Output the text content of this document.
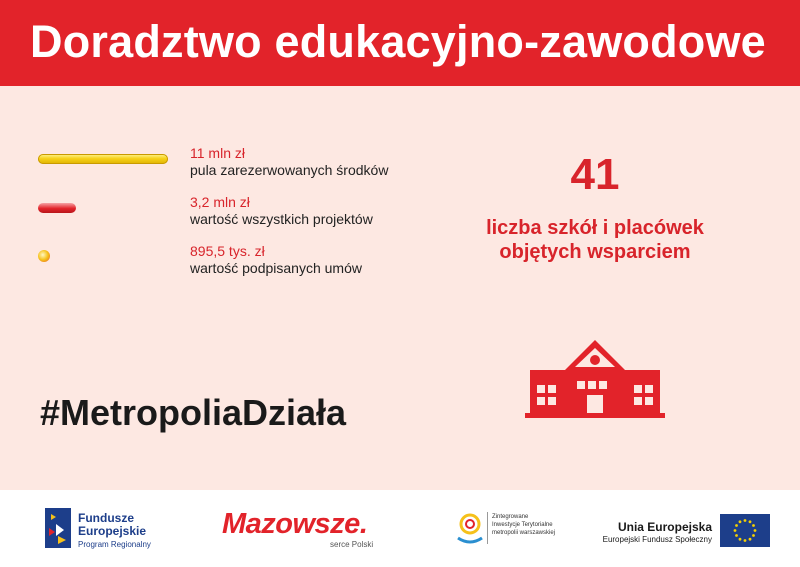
Doradztwo edukacyjno-zawodowe
11 mln zł
pula zarezerwowanych środków
3,2 mln zł
wartość wszystkich projektów
895,5 tys. zł
wartość podpisanych umów
41
liczba szkół i placówek objętych wsparciem
#MetropoliaDziała
Fundusze
Europejskie
Program Regionalny
Mazowsze.
serce Polski
Zintegrowane
Inwestycje Terytorialne
metropolii warszawskiej	Unia Europejska
Europejski Fundusz Społeczny
